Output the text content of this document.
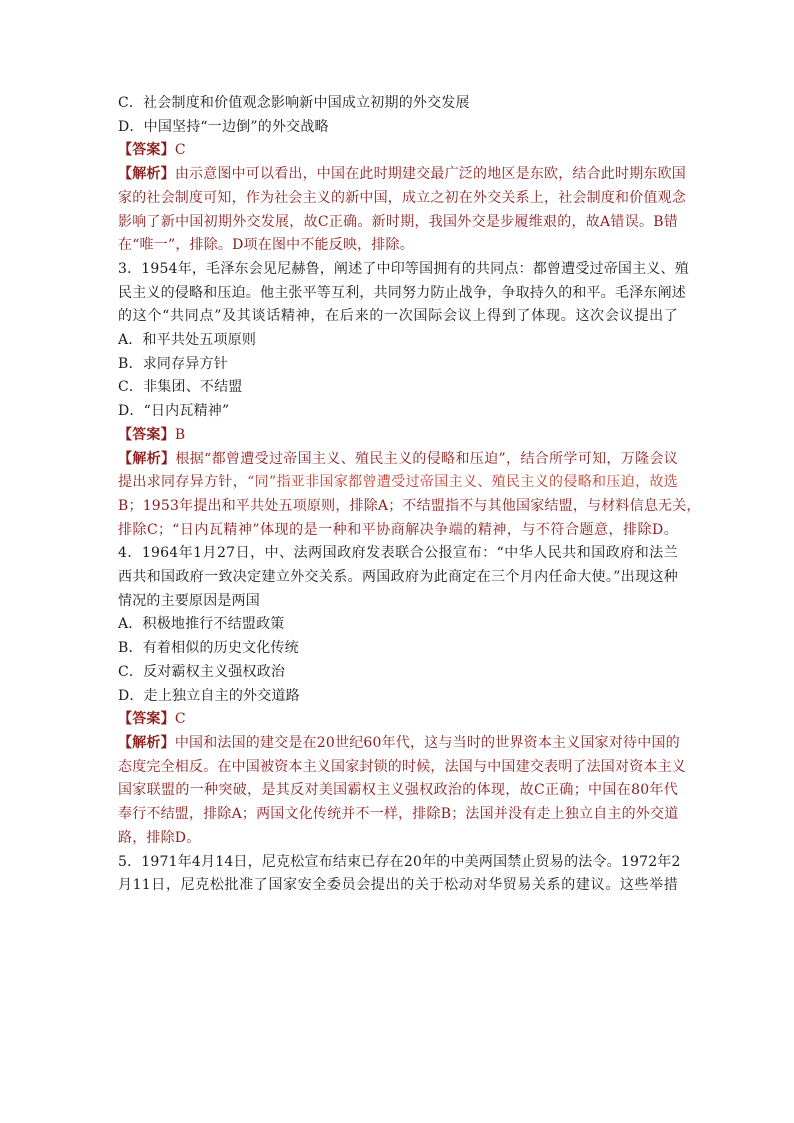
C．社会制度和价值观念影响新中国成立初期的外交发展
D．中国坚持“一边倒”的外交战略
【答案】C
【解析】由示意图中可以看出，中国在此时期建交最广泛的地区是东欧，结合此时期东欧国
家的社会制度可知，作为社会主义的新中国，成立之初在外交关系上，社会制度和价值观念
影响了新中国初期外交发展，故C正确。新时期，我国外交是步履维艰的，故A错误。B错
在“唯一”，排除。D项在图中不能反映，排除。
3．1954年，毛泽东会见尼赫鲁，阐述了中印等国拥有的共同点：都曾遭受过帝国主义、殖
民主义的侵略和压迫。他主张平等互利，共同努力防止战争，争取持久的和平。毛泽东阐述
的这个“共同点”及其谈话精神，在后来的一次国际会议上得到了体现。这次会议提出了
A．和平共处五项原则
B．求同存异方针
C．非集团、不结盟
D．“日内瓦精神”
【答案】B
【解析】根据“都曾遭受过帝国主义、殖民主义的侵略和压迫”，结合所学可知，万隆会议
提出求同存异方针，“同”指亚非国家都曾遭受过帝国主义、殖民主义的侵略和压迫，故选
B；1953年提出和平共处五项原则，排除A；不结盟指不与其他国家结盟，与材料信息无关，
排除C；“日内瓦精神”体现的是一种和平协商解决争端的精神，与不符合题意，排除D。
4．1964年1月27日，中、法两国政府发表联合公报宣布：“中华人民共和国政府和法兰
西共和国政府一致决定建立外交关系。两国政府为此商定在三个月内任命大使。”出现这种
情况的主要原因是两国
A．积极地推行不结盟政策
B．有着相似的历史文化传统
C．反对霸权主义强权政治
D．走上独立自主的外交道路
【答案】C
【解析】中国和法国的建交是在20世纪60年代，这与当时的世界资本主义国家对待中国的
态度完全相反。在中国被资本主义国家封锁的时候，法国与中国建交表明了法国对资本主义
国家联盟的一种突破，是其反对美国霸权主义强权政治的体现，故C正确；中国在80年代
奉行不结盟，排除A；两国文化传统并不一样，排除B；法国并没有走上独立自主的外交道
路，排除D。
5．1971年4月14日，尼克松宣布结束已存在20年的中美两国禁止贸易的法令。1972年2
月11日，尼克松批准了国家安全委员会提出的关于松动对华贸易关系的建议。这些举措
